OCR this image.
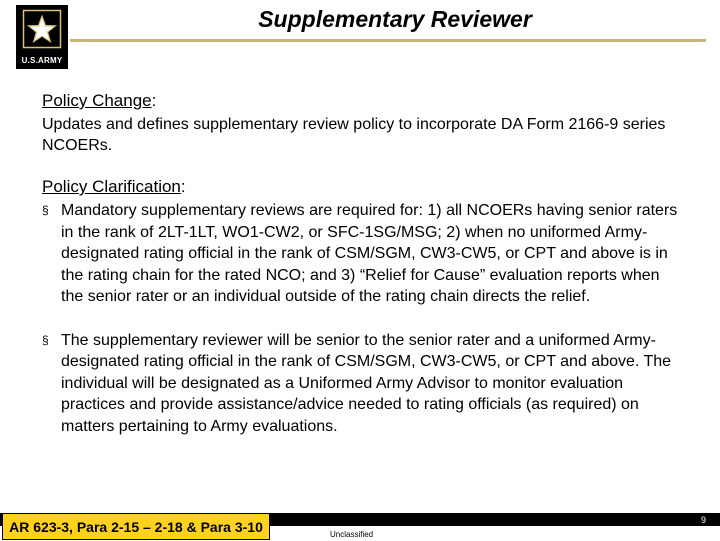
U.S.ARMY
Supplementary Reviewer

Policy Change:

Updates and defines supplementary review policy to incorporate DA Form 2166-9 series NCOERs.

Policy Clarification:

§ Mandatory supplementary reviews are required for: 1) all NCOERs having senior raters in the rank of 2LT-1LT, WO1-CW2, or SFC-1SG/MSG; 2) when no uniformed Army-designated rating official in the rank of CSM/SGM, CW3-CW5, or CPT and above is in the rating chain for the rated NCO; and 3) “Relief for Cause” evaluation reports when the senior rater or an individual outside of the rating chain directs the relief.

§ The supplementary reviewer will be senior to the senior rater and a uniformed Army-designated rating official in the rank of CSM/SGM, CW3-CW5, or CPT and above. The individual will be designated as a Uniformed Army Advisor to monitor evaluation practices and provide assistance/advice needed to rating officials (as required) on matters pertaining to Army evaluations.

AR 623-3, Para 2-15 – 2-18 & Para 3-10	Unclassified
9
